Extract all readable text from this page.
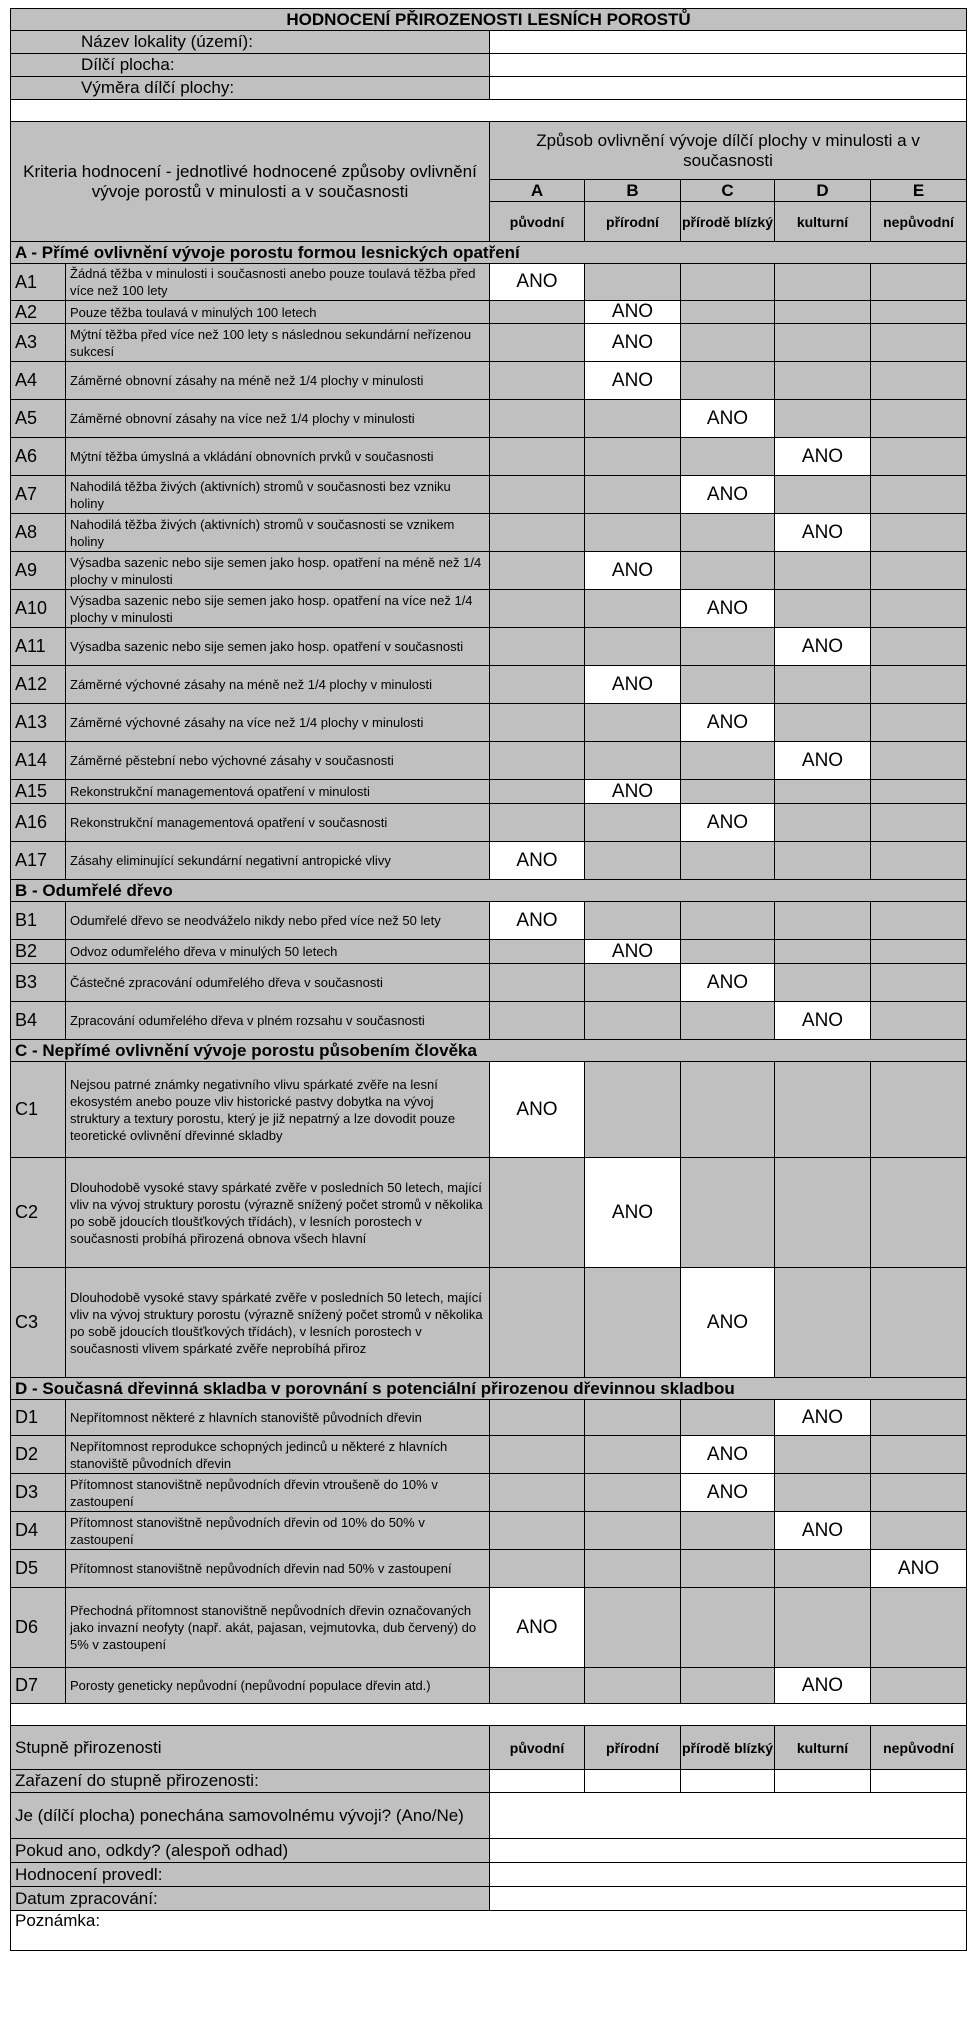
HODNOCENÍ PŘIROZENOSTI LESNÍCH POROSTŮ						
Název lokality (území):						
Dílčí plocha:						
Výměra dílčí plochy:						

Kriteria hodnocení - jednotlivé hodnocené způsoby ovlivnění vývoje porostů v minulosti a v současnosti		Způsob ovlivnění vývoje dílčí plochy v minulosti a v současnosti				
		A	B	C	D	E
		původní	přírodní	přírodě blízký	kulturní	nepůvodní
A - Přímé ovlivnění vývoje porostu formou lesnických opatření						
A1	Žádná těžba v minulosti i současnosti anebo pouze toulavá těžba před více než 100 lety	ANO				
A2	Pouze těžba toulavá v minulých 100 letech		ANO			
A3	Mýtní těžba před více než 100 lety s následnou sekundární neřízenou sukcesí		ANO			
A4	Záměrné obnovní zásahy na méně než 1/4 plochy v minulosti		ANO			
A5	Záměrné obnovní zásahy na více než 1/4 plochy v minulosti			ANO		
A6	Mýtní těžba úmyslná a vkládání obnovních prvků v současnosti				ANO	
A7	Nahodilá těžba živých (aktivních) stromů v současnosti bez vzniku holiny			ANO		
A8	Nahodilá těžba živých (aktivních) stromů v současnosti se vznikem holiny				ANO	
A9	Výsadba sazenic nebo sije semen jako hosp. opatření na méně než 1/4 plochy v minulosti		ANO			
A10	Výsadba sazenic nebo sije semen jako hosp. opatření na více než 1/4 plochy v minulosti			ANO		
A11	Výsadba sazenic nebo sije semen jako hosp. opatření v současnosti				ANO	
A12	Záměrné výchovné zásahy na méně než 1/4 plochy v minulosti		ANO			
A13	Záměrné výchovné zásahy na více než 1/4 plochy v minulosti			ANO		
A14	Záměrné pěstební nebo výchovné zásahy v současnosti				ANO	
A15	Rekonstrukční managementová opatření v minulosti		ANO			
A16	Rekonstrukční managementová opatření v současnosti			ANO		
A17	Zásahy eliminující sekundární negativní antropické vlivy	ANO				
B - Odumřelé dřevo						
B1	Odumřelé dřevo se neodváželo nikdy nebo před více než 50 lety	ANO				
B2	Odvoz odumřelého dřeva v minulých 50 letech		ANO			
B3	Částečné zpracování odumřelého dřeva v současnosti			ANO		
B4	Zpracování odumřelého dřeva v plném rozsahu v současnosti				ANO	
C - Nepřímé ovlivnění vývoje porostu působením člověka						
C1	Nejsou patrné známky negativního vlivu spárkaté zvěře na lesní ekosystém anebo pouze vliv historické pastvy dobytka na vývoj struktury a textury porostu, který je již nepatrný a lze dovodit pouze teoretické ovlivnění dřevinné skladby	ANO				
C2	Dlouhodobě vysoké stavy spárkaté zvěře v posledních 50 letech, mající vliv na vývoj struktury porostu (výrazně snížený počet stromů v několika po sobě jdoucích tloušťkových třídách), v lesních porostech v současnosti probíhá přirozená obnova všech hlavní		ANO			
C3	Dlouhodobě vysoké stavy spárkaté zvěře v posledních 50 letech, mající vliv na vývoj struktury porostu (výrazně snížený počet stromů v několika po sobě jdoucích tloušťkových třídách), v lesních porostech v současnosti vlivem spárkaté zvěře neprobíhá přiroz			ANO		
D - Současná dřevinná skladba v porovnání s potenciální přirozenou dřevinnou skladbou						
D1	Nepřítomnost některé z hlavních stanoviště původních dřevin				ANO	
D2	Nepřítomnost reprodukce schopných jedinců u některé z hlavních stanoviště původních dřevin			ANO		
D3	Přítomnost stanovištně nepůvodních dřevin vtroušeně do 10% v zastoupení			ANO		
D4	Přítomnost stanovištně nepůvodních dřevin od 10% do 50% v zastoupení				ANO	
D5	Přítomnost stanovištně nepůvodních dřevin nad 50% v zastoupení					ANO
D6	Přechodná přítomnost stanovištně nepůvodních dřevin označovaných jako invazní neofyty (např. akát, pajasan, vejmutovka, dub červený) do 5% v zastoupení	ANO				
D7	Porosty geneticky nepůvodní (nepůvodní populace dřevin atd.)				ANO	

Stupně přirozenosti		původní	přírodní	přírodě blízký	kulturní	nepůvodní
Zařazení do stupně přirozenosti:						
Je (dílčí plocha) ponechána samovolnému vývoji? (Ano/Ne)						
Pokud ano, odkdy? (alespoň odhad)						
Hodnocení provedl:						
Datum zpracování:						
Poznámka:						
